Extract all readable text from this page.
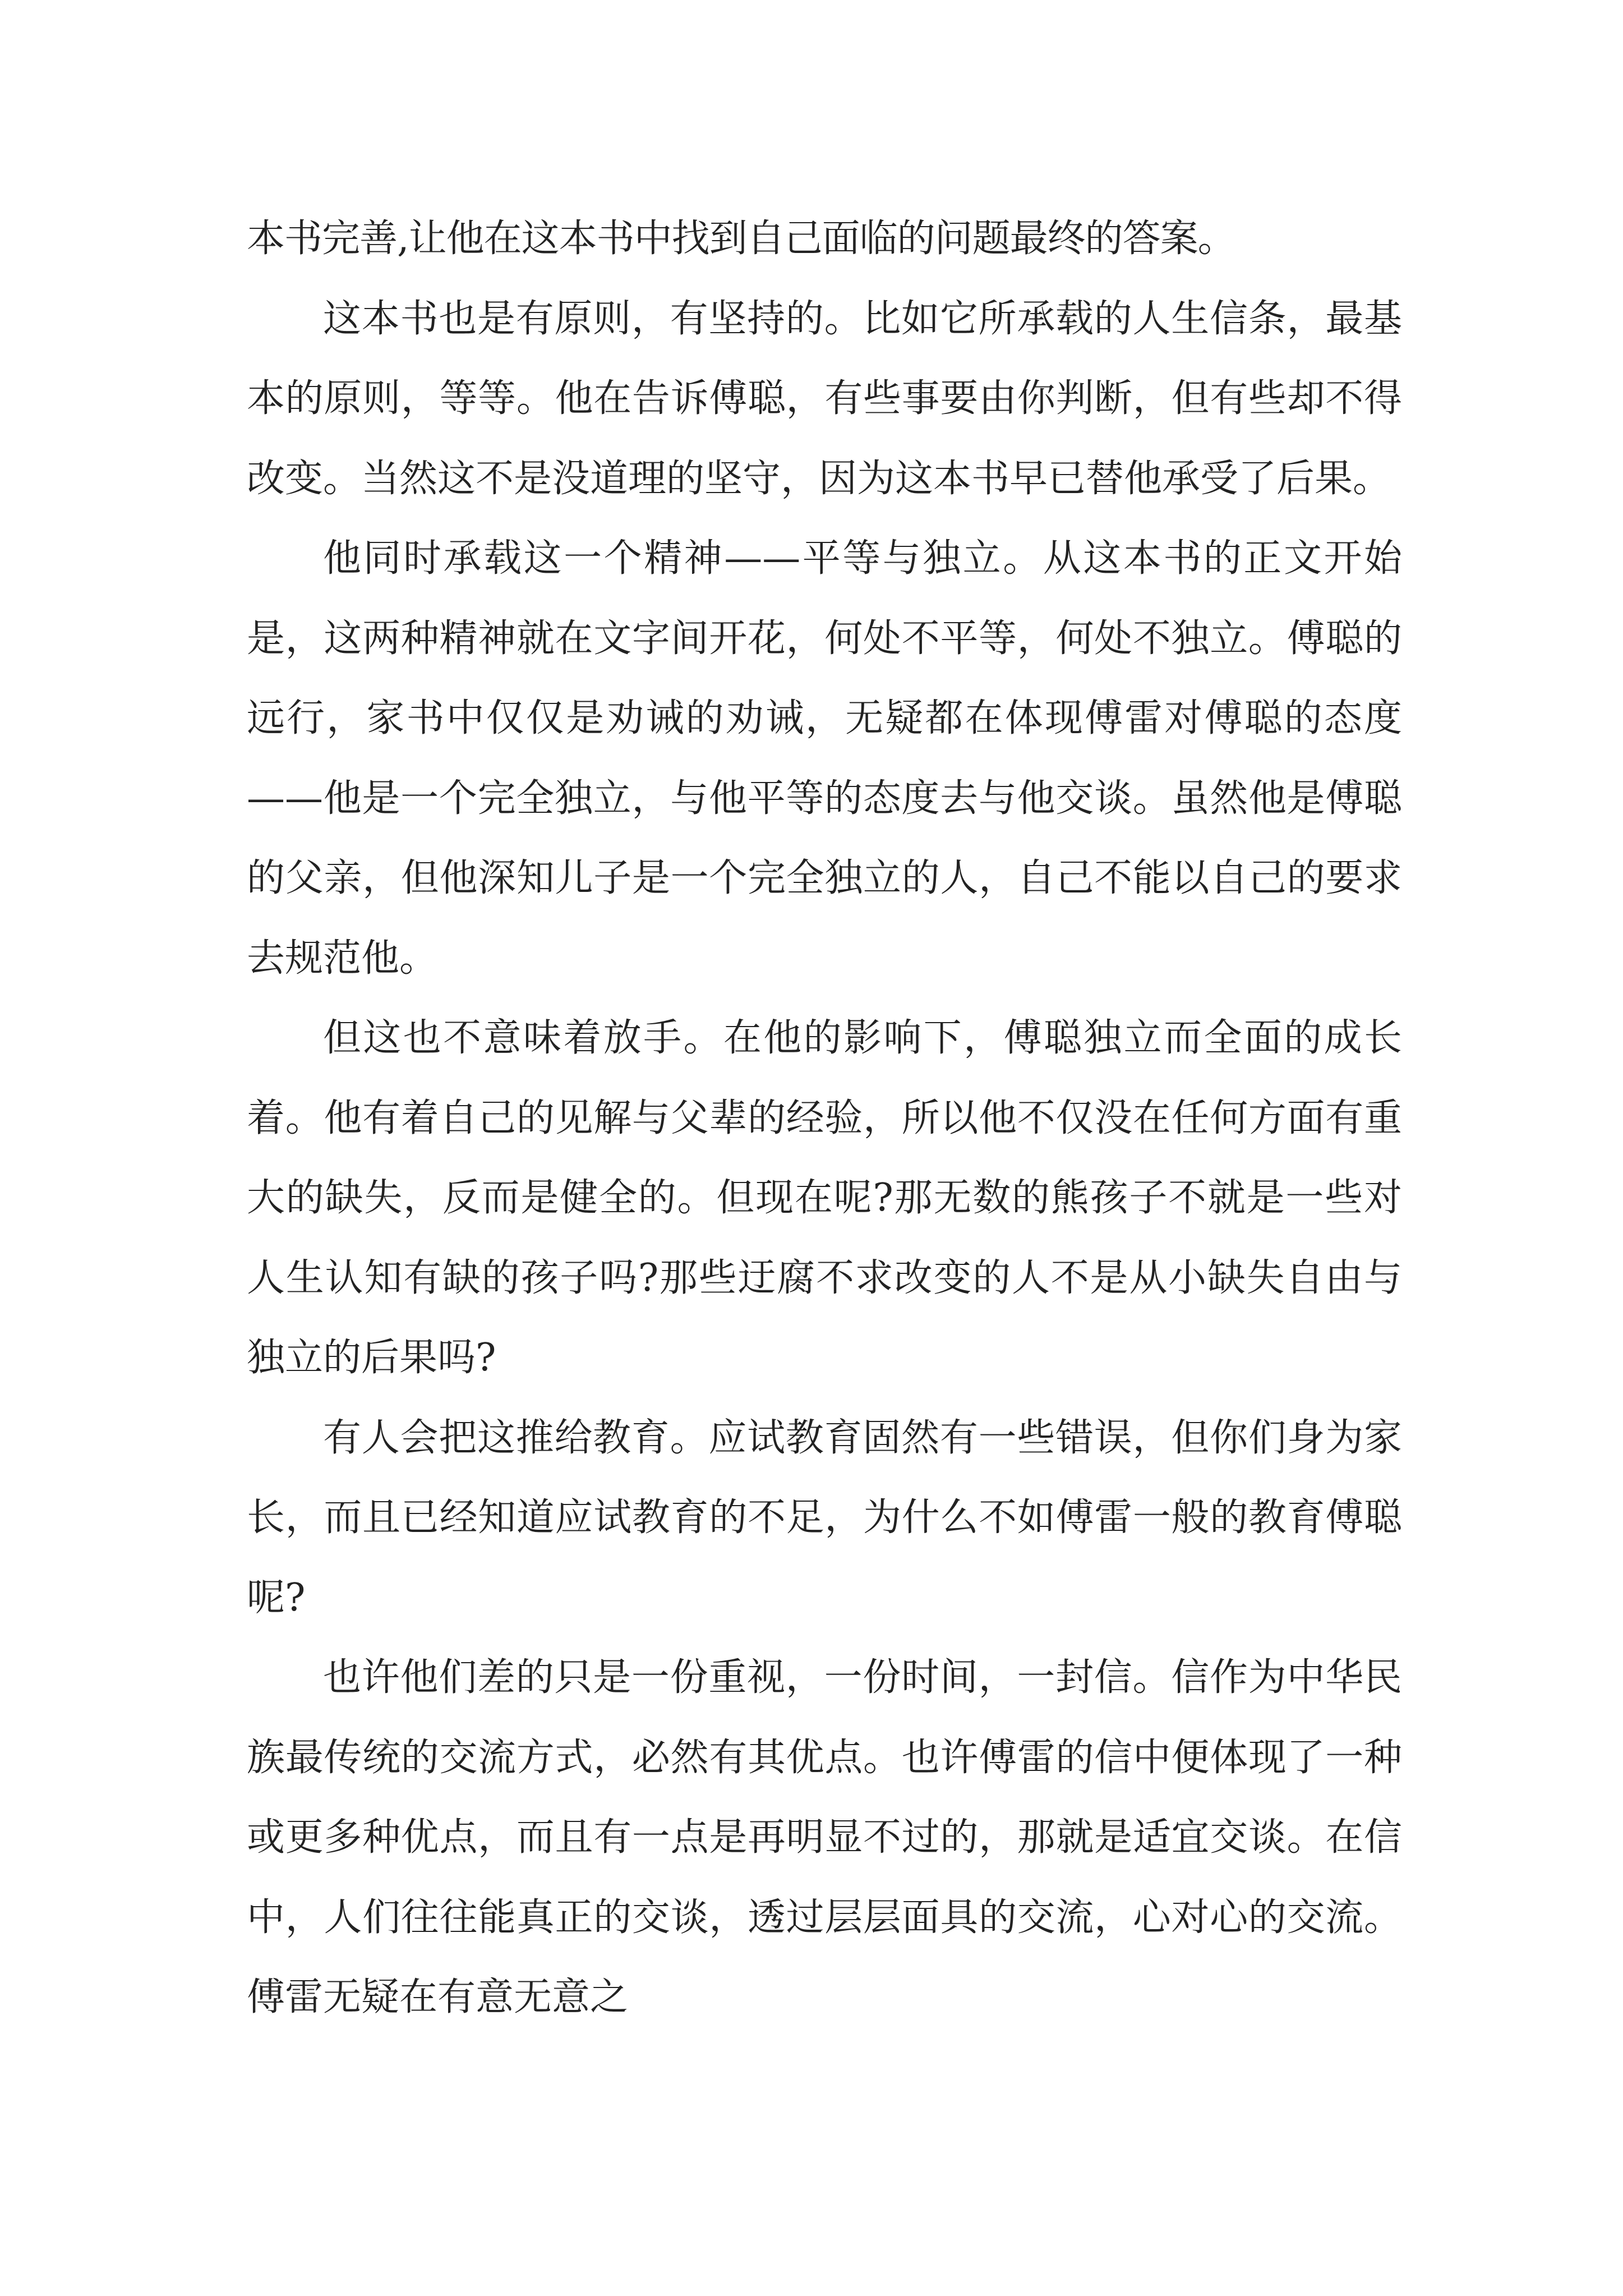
本书完善,让他在这本书中找到自己面临的问题最终的答案。

这本书也是有原则，有坚持的。比如它所承载的人生信条，最基本的原则，等等。他在告诉傅聪，有些事要由你判断，但有些却不得改变。当然这不是没道理的坚守，因为这本书早已替他承受了后果。

他同时承载这一个精神——平等与独立。从这本书的正文开始是，这两种精神就在文字间开花，何处不平等，何处不独立。傅聪的远行，家书中仅仅是劝诫的劝诫，无疑都在体现傅雷对傅聪的态度——他是一个完全独立，与他平等的态度去与他交谈。虽然他是傅聪的父亲，但他深知儿子是一个完全独立的人，自己不能以自己的要求去规范他。

但这也不意味着放手。在他的影响下，傅聪独立而全面的成长着。他有着自己的见解与父辈的经验，所以他不仅没在任何方面有重大的缺失，反而是健全的。但现在呢?那无数的熊孩子不就是一些对人生认知有缺的孩子吗?那些迂腐不求改变的人不是从小缺失自由与独立的后果吗?

有人会把这推给教育。应试教育固然有一些错误，但你们身为家长，而且已经知道应试教育的不足，为什么不如傅雷一般的教育傅聪呢?

也许他们差的只是一份重视，一份时间，一封信。信作为中华民族最传统的交流方式，必然有其优点。也许傅雷的信中便体现了一种或更多种优点，而且有一点是再明显不过的，那就是适宜交谈。在信中，人们往往能真正的交谈，透过层层面具的交流，心对心的交流。傅雷无疑在有意无意之
